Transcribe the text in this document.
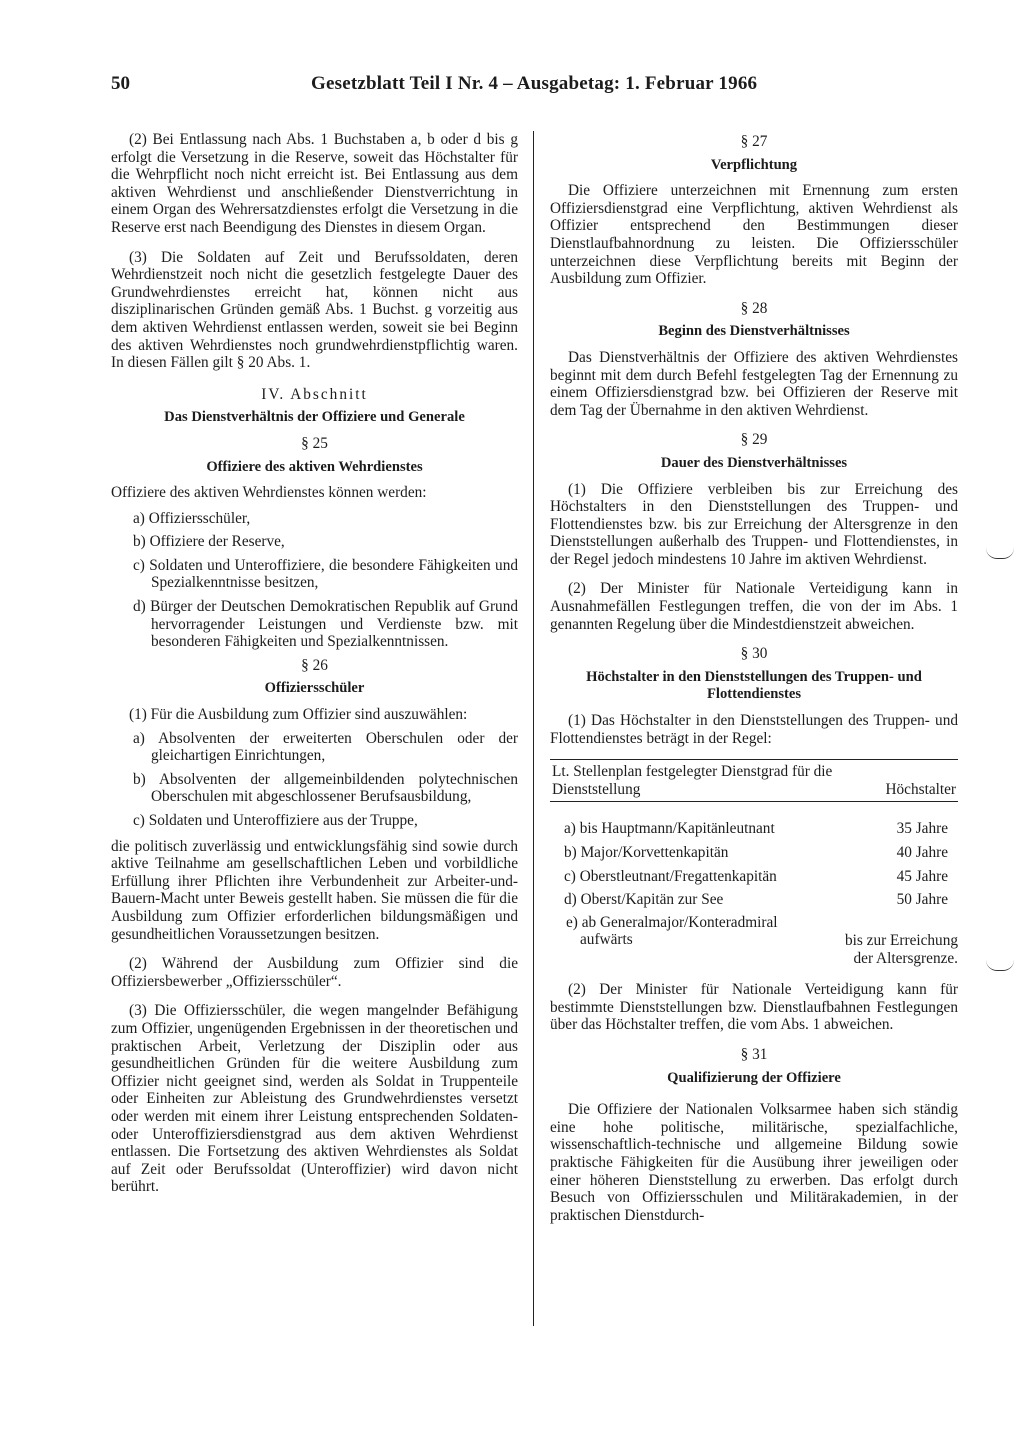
50	Gesetzblatt Teil I Nr. 4 – Ausgabetag: 1. Februar 1966

(2) Bei Entlassung nach Abs. 1 Buchstaben a, b oder d bis g erfolgt die Versetzung in die Reserve, soweit das Höchstalter für die Wehrpflicht noch nicht erreicht ist. Bei Entlassung aus dem aktiven Wehrdienst und anschließender Dienstverrichtung in einem Organ des Wehrersatzdienstes erfolgt die Versetzung in die Reserve erst nach Beendigung des Dienstes in diesem Organ.

(3) Die Soldaten auf Zeit und Berufssoldaten, deren Wehrdienstzeit noch nicht die gesetzlich festgelegte Dauer des Grundwehrdienstes erreicht hat, können nicht aus disziplinarischen Gründen gemäß Abs. 1 Buchst. g vorzeitig aus dem aktiven Wehrdienst entlassen werden, soweit sie bei Beginn des aktiven Wehrdienstes noch grundwehrdienstpflichtig waren. In diesen Fällen gilt § 20 Abs. 1.

IV. Abschnitt

Das Dienstverhältnis der Offiziere und Generale

§ 25

Offiziere des aktiven Wehrdienstes

Offiziere des aktiven Wehrdienstes können werden:

a) Offiziersschüler,

b) Offiziere der Reserve,

c) Soldaten und Unteroffiziere, die besondere Fähigkeiten und Spezialkenntnisse besitzen,

d) Bürger der Deutschen Demokratischen Republik auf Grund hervorragender Leistungen und Verdienste bzw. mit besonderen Fähigkeiten und Spezialkenntnissen.

§ 26

Offiziersschüler

(1) Für die Ausbildung zum Offizier sind auszuwählen:

a) Absolventen der erweiterten Oberschulen oder der gleichartigen Einrichtungen,

b) Absolventen der allgemeinbildenden polytechnischen Oberschulen mit abgeschlossener Berufsausbildung,

c) Soldaten und Unteroffiziere aus der Truppe,

die politisch zuverlässig und entwicklungsfähig sind sowie durch aktive Teilnahme am gesellschaftlichen Leben und vorbildliche Erfüllung ihrer Pflichten ihre Verbundenheit zur Arbeiter-und-Bauern-Macht unter Beweis gestellt haben. Sie müssen die für die Ausbildung zum Offizier erforderlichen bildungsmäßigen und gesundheitlichen Voraussetzungen besitzen.

(2) Während der Ausbildung zum Offizier sind die Offiziersbewerber „Offiziersschüler“.

(3) Die Offiziersschüler, die wegen mangelnder Befähigung zum Offizier, ungenügenden Ergebnissen in der theoretischen und praktischen Arbeit, Verletzung der Disziplin oder aus gesundheitlichen Gründen für die weitere Ausbildung zum Offizier nicht geeignet sind, werden als Soldat in Truppenteile oder Einheiten zur Ableistung des Grundwehrdienstes versetzt oder werden mit einem ihrer Leistung entsprechenden Soldaten- oder Unteroffiziersdienstgrad aus dem aktiven Wehrdienst entlassen. Die Fortsetzung des aktiven Wehrdienstes als Soldat auf Zeit oder Berufssoldat (Unteroffizier) wird davon nicht berührt.

§ 27

Verpflichtung

Die Offiziere unterzeichnen mit Ernennung zum ersten Offiziersdienstgrad eine Verpflichtung, aktiven Wehrdienst als Offizier entsprechend den Bestimmungen dieser Dienstlaufbahnordnung zu leisten. Die Offiziersschüler unterzeichnen diese Verpflichtung bereits mit Beginn der Ausbildung zum Offizier.

§ 28

Beginn des Dienstverhältnisses

Das Dienstverhältnis der Offiziere des aktiven Wehrdienstes beginnt mit dem durch Befehl festgelegten Tag der Ernennung zu einem Offiziersdienstgrad bzw. bei Offizieren der Reserve mit dem Tag der Übernahme in den aktiven Wehrdienst.

§ 29

Dauer des Dienstverhältnisses

(1) Die Offiziere verbleiben bis zur Erreichung des Höchstalters in den Dienststellungen des Truppen- und Flottendienstes bzw. bis zur Erreichung der Altersgrenze in den Dienststellungen außerhalb des Truppen- und Flottendienstes, in der Regel jedoch mindestens 10 Jahre im aktiven Wehrdienst.

(2) Der Minister für Nationale Verteidigung kann in Ausnahmefällen Festlegungen treffen, die von der im Abs. 1 genannten Regelung über die Mindestdienstzeit abweichen.

§ 30

Höchstalter in den Dienststellungen des Truppen- und Flottendienstes

(1) Das Höchstalter in den Dienststellungen des Truppen- und Flottendienstes beträgt in der Regel:

Lt. Stellenplan festgelegter Dienstgrad für die Dienststellung	Höchstalter
a) bis Hauptmann/Kapitänleutnant	35 Jahre
b) Major/Korvettenkapitän	40 Jahre
c) Oberstleutnant/Fregattenkapitän	45 Jahre
d) Oberst/Kapitän zur See	50 Jahre
e) ab Generalmajor/Konteradmiral
aufwärts	bis zur Erreichung
der Altersgrenze.

(2) Der Minister für Nationale Verteidigung kann für bestimmte Dienststellungen bzw. Dienstlaufbahnen Festlegungen über das Höchstalter treffen, die vom Abs. 1 abweichen.

§ 31

Qualifizierung der Offiziere

Die Offiziere der Nationalen Volksarmee haben sich ständig eine hohe politische, militärische, spezialfachliche, wissenschaftlich-technische und allgemeine Bildung sowie praktische Fähigkeiten für die Ausübung ihrer jeweiligen oder einer höheren Dienststellung zu erwerben. Das erfolgt durch Besuch von Offiziersschulen und Militärakademien, in der praktischen Dienstdurch-
